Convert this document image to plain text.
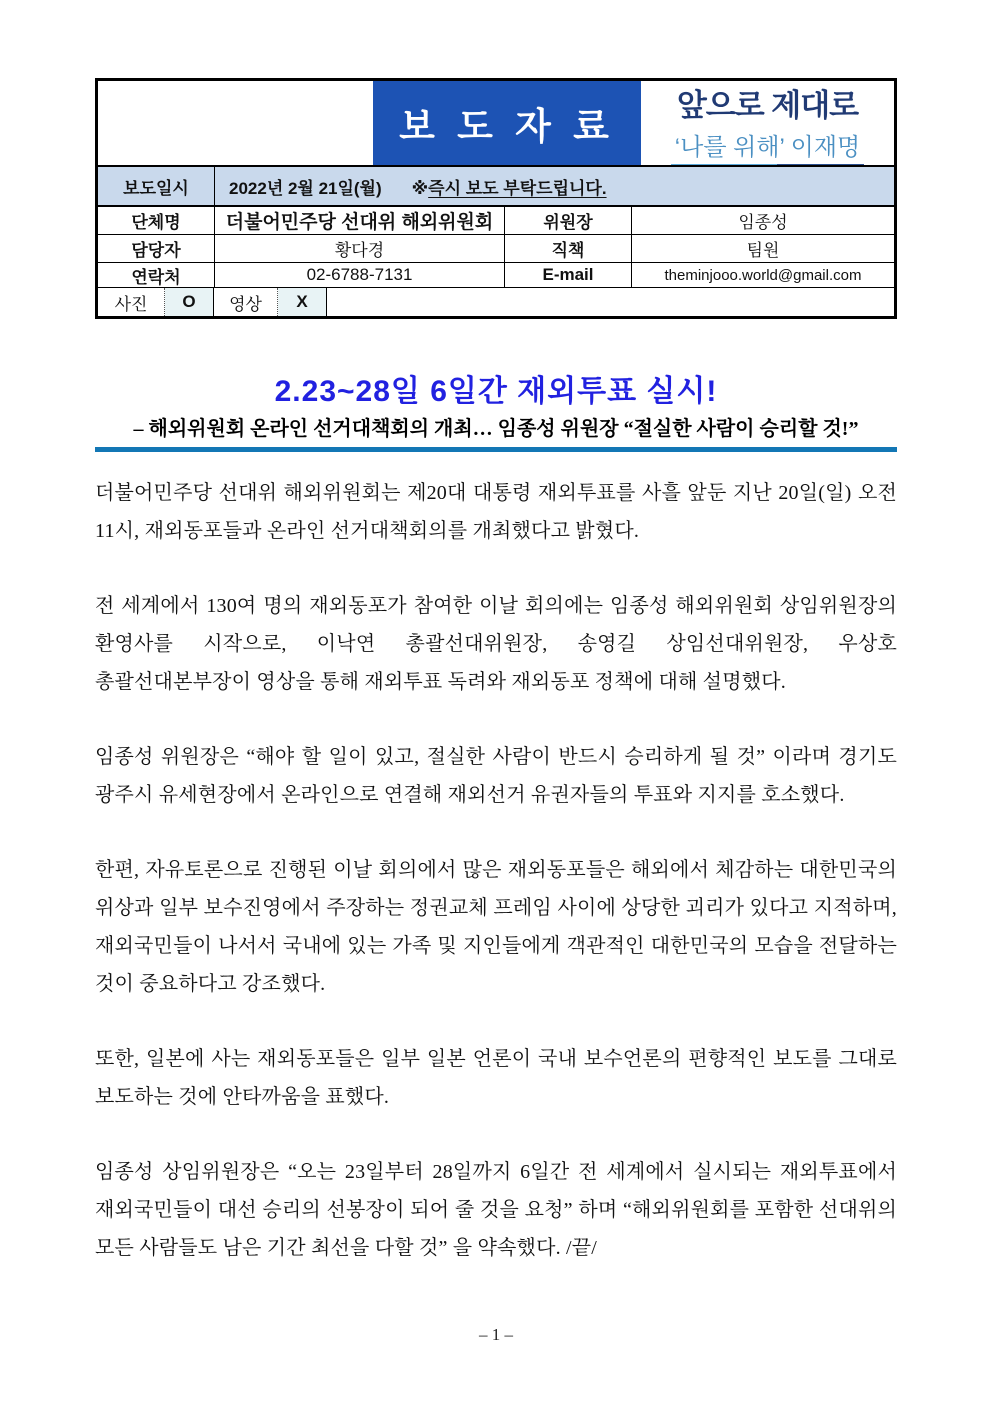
보 도 자 료
앞으로 제대로
‘나를 위해’ 이재명
보도일시	2022년 2월 21일(월) ※즉시 보도 부탁드립니다.
단체명	더불어민주당 선대위 해외위원회	위원장	임종성
담당자	황다경	직책	팀원
연락처	02-6788-7131	E-mail	theminjooo.world@gmail.com
사진	O	영상	X
2.23~28일 6일간 재외투표 실시!
– 해외위원회 온라인 선거대책회의 개최… 임종성 위원장 “절실한 사람이 승리할 것!”

더불어민주당 선대위 해외위원회는 제20대 대통령 재외투표를 사흘 앞둔 지난 20일(일) 오전 11시, 재외동포들과 온라인 선거대책회의를 개최했다고 밝혔다.

전 세계에서 130여 명의 재외동포가 참여한 이날 회의에는 임종성 해외위원회 상임위원장의 환영사를 시작으로, 이낙연 총괄선대위원장, 송영길 상임선대위원장, 우상호 총괄선대본부장이 영상을 통해 재외투표 독려와 재외동포 정책에 대해 설명했다.

임종성 위원장은 “해야 할 일이 있고, 절실한 사람이 반드시 승리하게 될 것” 이라며 경기도 광주시 유세현장에서 온라인으로 연결해 재외선거 유권자들의 투표와 지지를 호소했다.

한편, 자유토론으로 진행된 이날 회의에서 많은 재외동포들은 해외에서 체감하는 대한민국의 위상과 일부 보수진영에서 주장하는 정권교체 프레임 사이에 상당한 괴리가 있다고 지적하며, 재외국민들이 나서서 국내에 있는 가족 및 지인들에게 객관적인 대한민국의 모습을 전달하는 것이 중요하다고 강조했다.

또한, 일본에 사는 재외동포들은 일부 일본 언론이 국내 보수언론의 편향적인 보도를 그대로 보도하는 것에 안타까움을 표했다.

임종성 상임위원장은 “오는 23일부터 28일까지 6일간 전 세계에서 실시되는 재외투표에서 재외국민들이 대선 승리의 선봉장이 되어 줄 것을 요청” 하며 “해외위원회를 포함한 선대위의 모든 사람들도 남은 기간 최선을 다할 것” 을 약속했다. /끝/

– 1 –
